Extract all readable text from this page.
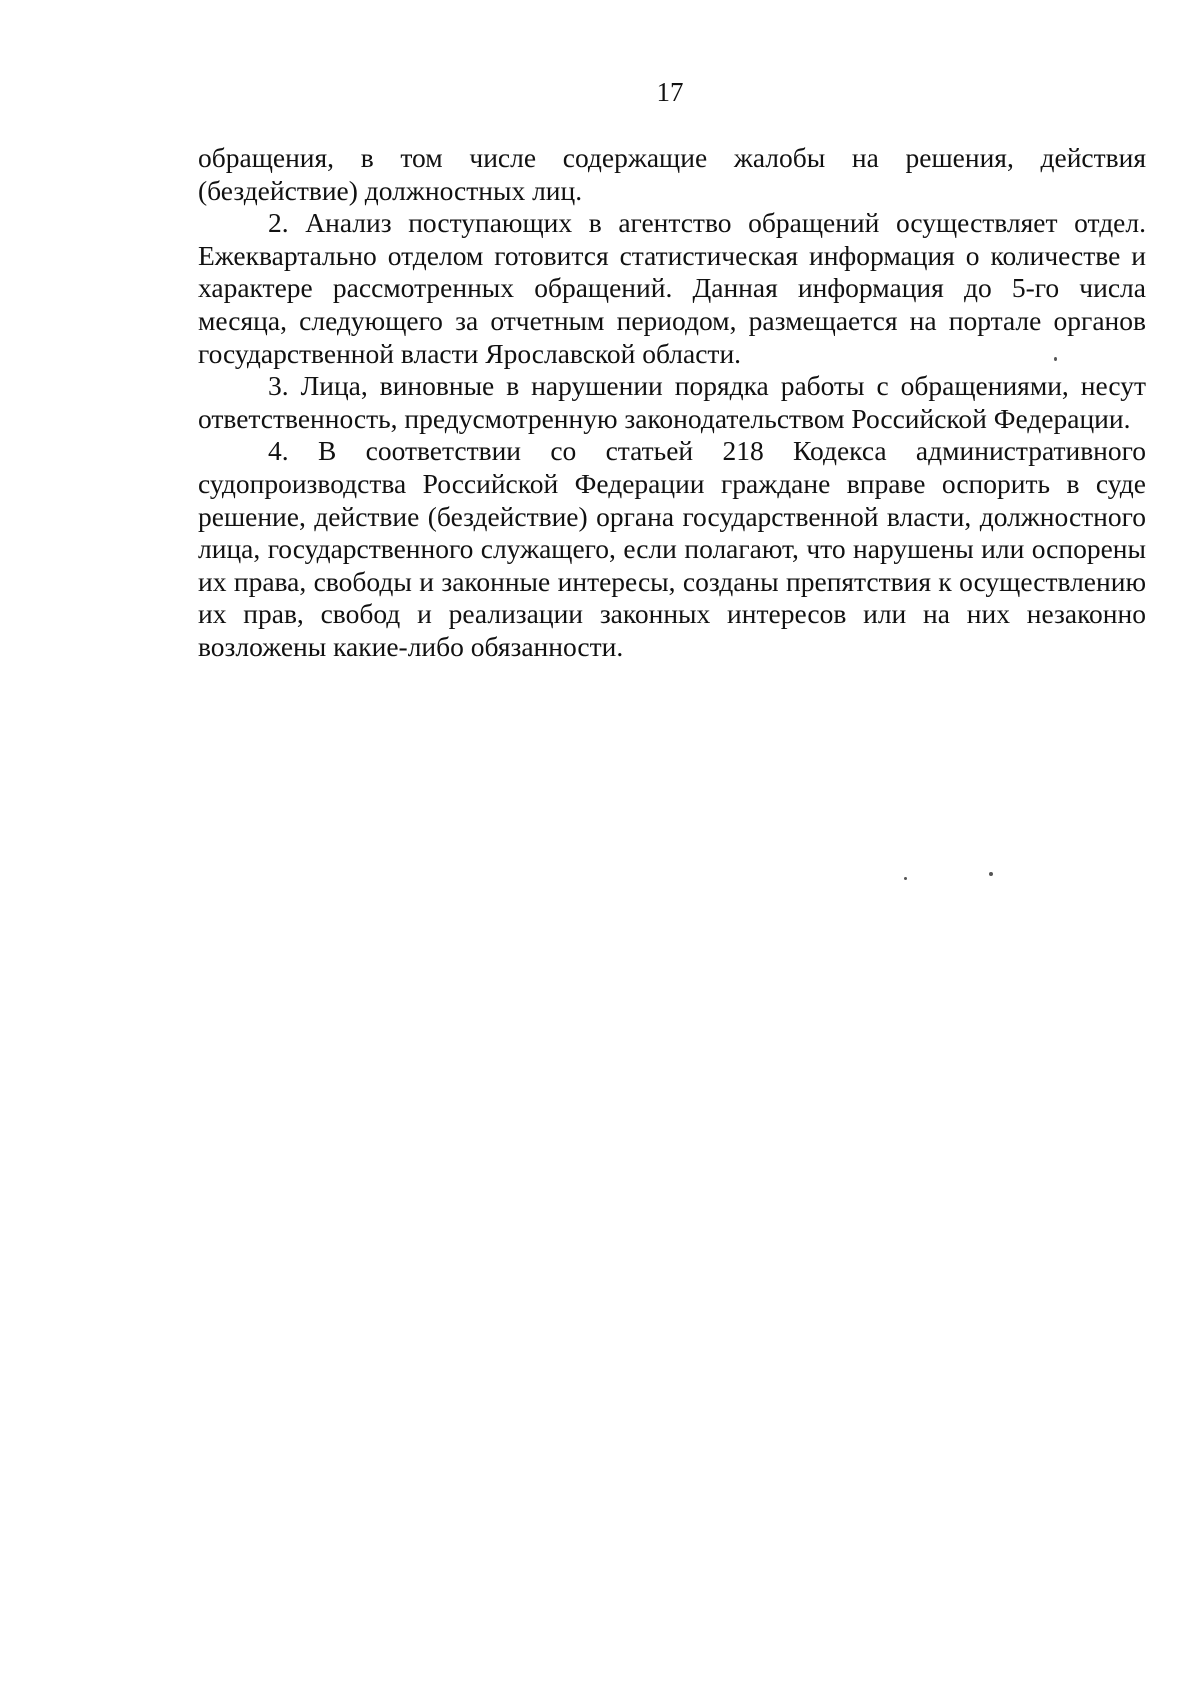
17

обращения, в том числе содержащие жалобы на решения, действия (бездействие) должностных лиц.

2. Анализ поступающих в агентство обращений осуществляет отдел. Ежеквартально отделом готовится статистическая информация о количестве и характере рассмотренных обращений. Данная информация до 5-го числа месяца, следующего за отчетным периодом, размещается на портале органов государственной власти Ярославской области.

3. Лица, виновные в нарушении порядка работы с обращениями, несут ответственность, предусмотренную законодательством Российской Федерации.

4. В соответствии со статьей 218 Кодекса административного судопроизводства Российской Федерации граждане вправе оспорить в суде решение, действие (бездействие) органа государственной власти, должностного лица, государственного служащего, если полагают, что нарушены или оспорены их права, свободы и законные интересы, созданы препятствия к осуществлению их прав, свобод и реализации законных интересов или на них незаконно возложены какие-либо обязанности.
